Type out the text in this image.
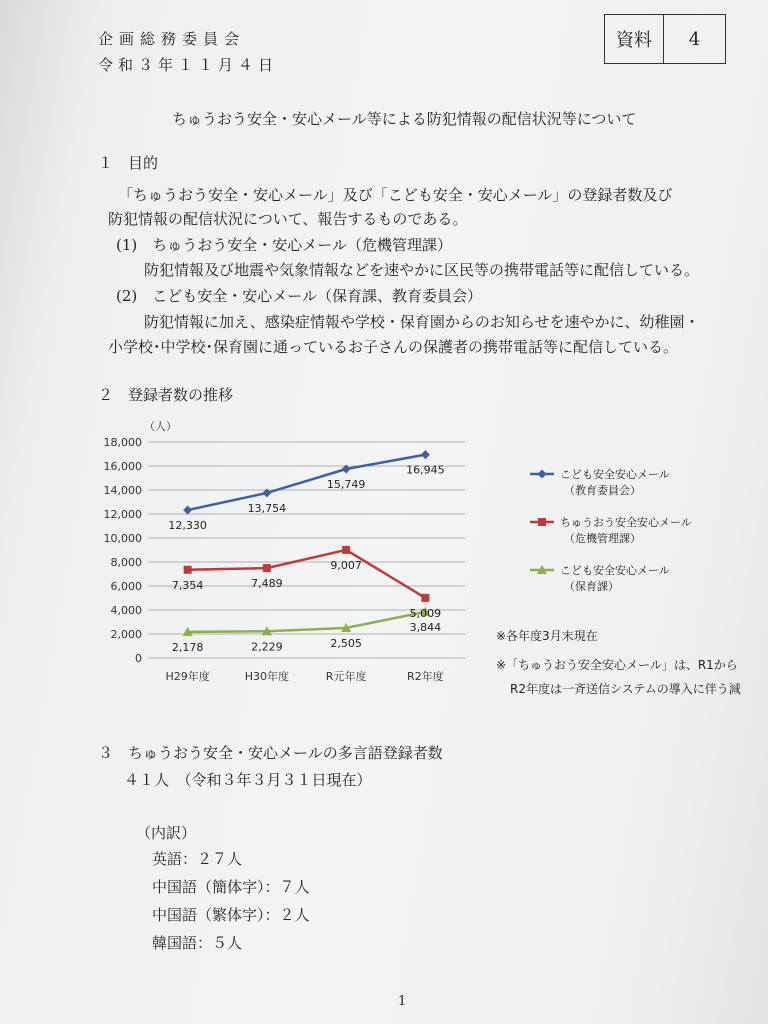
企画総務委員会
令和３年１１月４日
資料	4
ちゅうおう安全・安心メール等による防犯情報の配信状況等について
１　目的
「ちゅうおう安全・安心メール」及び「こども安全・安心メール」の登録者数及び
防犯情報の配信状況について、報告するものである。
(1)　ちゅうおう安全・安心メール（危機管理課）
防犯情報及び地震や気象情報などを速やかに区民等の携帯電話等に配信している。
(2)　こども安全・安心メール（保育課、教育委員会）
防犯情報に加え、感染症情報や学校・保育園からのお知らせを速やかに、幼稚園・
小学校･中学校･保育園に通っているお子さんの保護者の携帯電話等に配信している。
２　登録者数の推移
（人）
0
2,000
4,000
6,000
8,000
10,000
12,000
14,000
16,000
18,000
H29年度	H30年度	R元年度	R2年度
12,330
13,754
15,749
16,945
7,354	7,489
9,007
5,009
2,178	2,229	2,505
3,844
こども安全安心メール
（教育委員会）
ちゅうおう安全安心メール
（危機管理課）
こども安全安心メール
（保育課）
※各年度3月末現在
※「ちゅうおう安全安心メール」は、R1から
R2年度は一斉送信システムの導入に伴う減
３　ちゅうおう安全・安心メールの多言語登録者数
４１人　（令和３年３月３１日現在）
（内訳）
英語：２７人
中国語（簡体字）：７人
中国語（繁体字）：２人
韓国語：５人
1
